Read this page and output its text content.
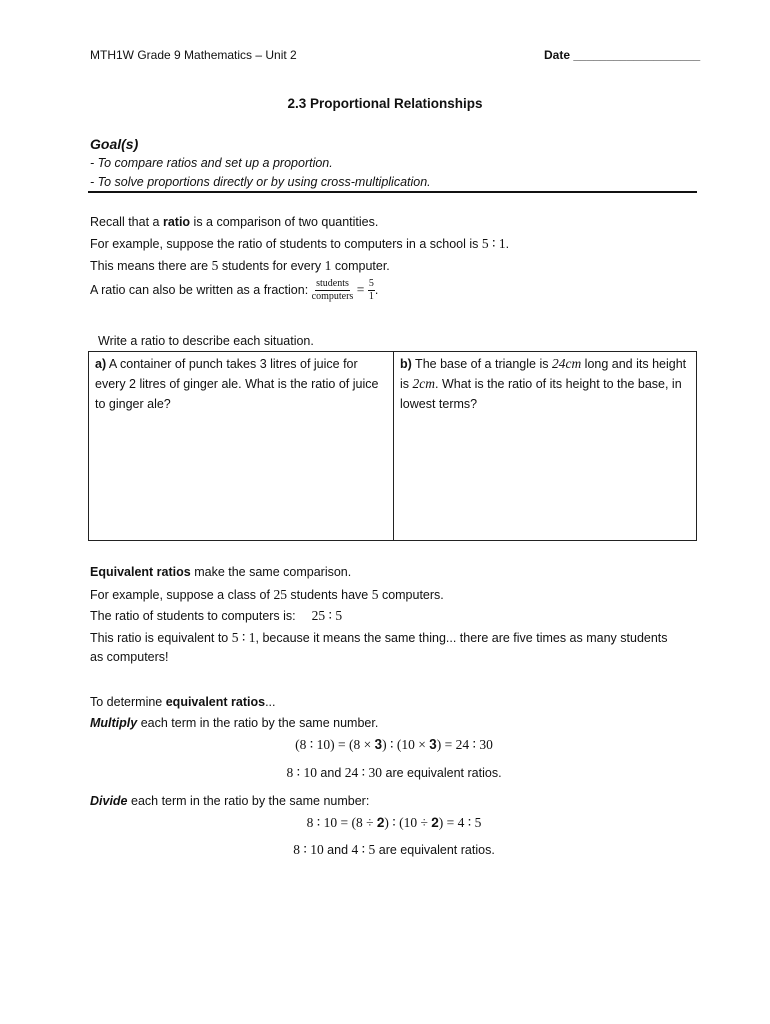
MTH1W Grade 9 Mathematics – Unit 2	Date ___________________
2.3 Proportional Relationships
Goal(s)
- To compare ratios and set up a proportion.
- To solve proportions directly or by using cross-multiplication.
Recall that a ratio is a comparison of two quantities.
For example, suppose the ratio of students to computers in a school is 5 ∶ 1.
This means there are 5 students for every 1 computer.
A ratio can also be written as a fraction: $\frac{\text{students}}{\text{computers}} = \frac{5}{1}$ .
Write a ratio to describe each situation.
a) A container of punch takes 3 litres of juice for every 2 litres of ginger ale. What is the ratio of juice to ginger ale?
b) The base of a triangle is 24cm long and its height is 2cm. What is the ratio of its height to the base, in lowest terms?
Equivalent ratios make the same comparison.
For example, suppose a class of 25 students have 5 computers.
The ratio of students to computers is: 25 ∶ 5
This ratio is equivalent to 5 ∶ 1, because it means the same thing... there are five times as many students
as computers!
To determine equivalent ratios...
Multiply each term in the ratio by the same number.
(8 ∶ 10) = (8 × 𝟑) ∶ (10 × 𝟑) = 24 ∶ 30
8 ∶ 10 and 24 ∶ 30 are equivalent ratios.
Divide each term in the ratio by the same number:
8 ∶ 10 = (8 ÷ 𝟐) ∶ (10 ÷ 𝟐) = 4 ∶ 5
8 ∶ 10 and 4 ∶ 5 are equivalent ratios.
